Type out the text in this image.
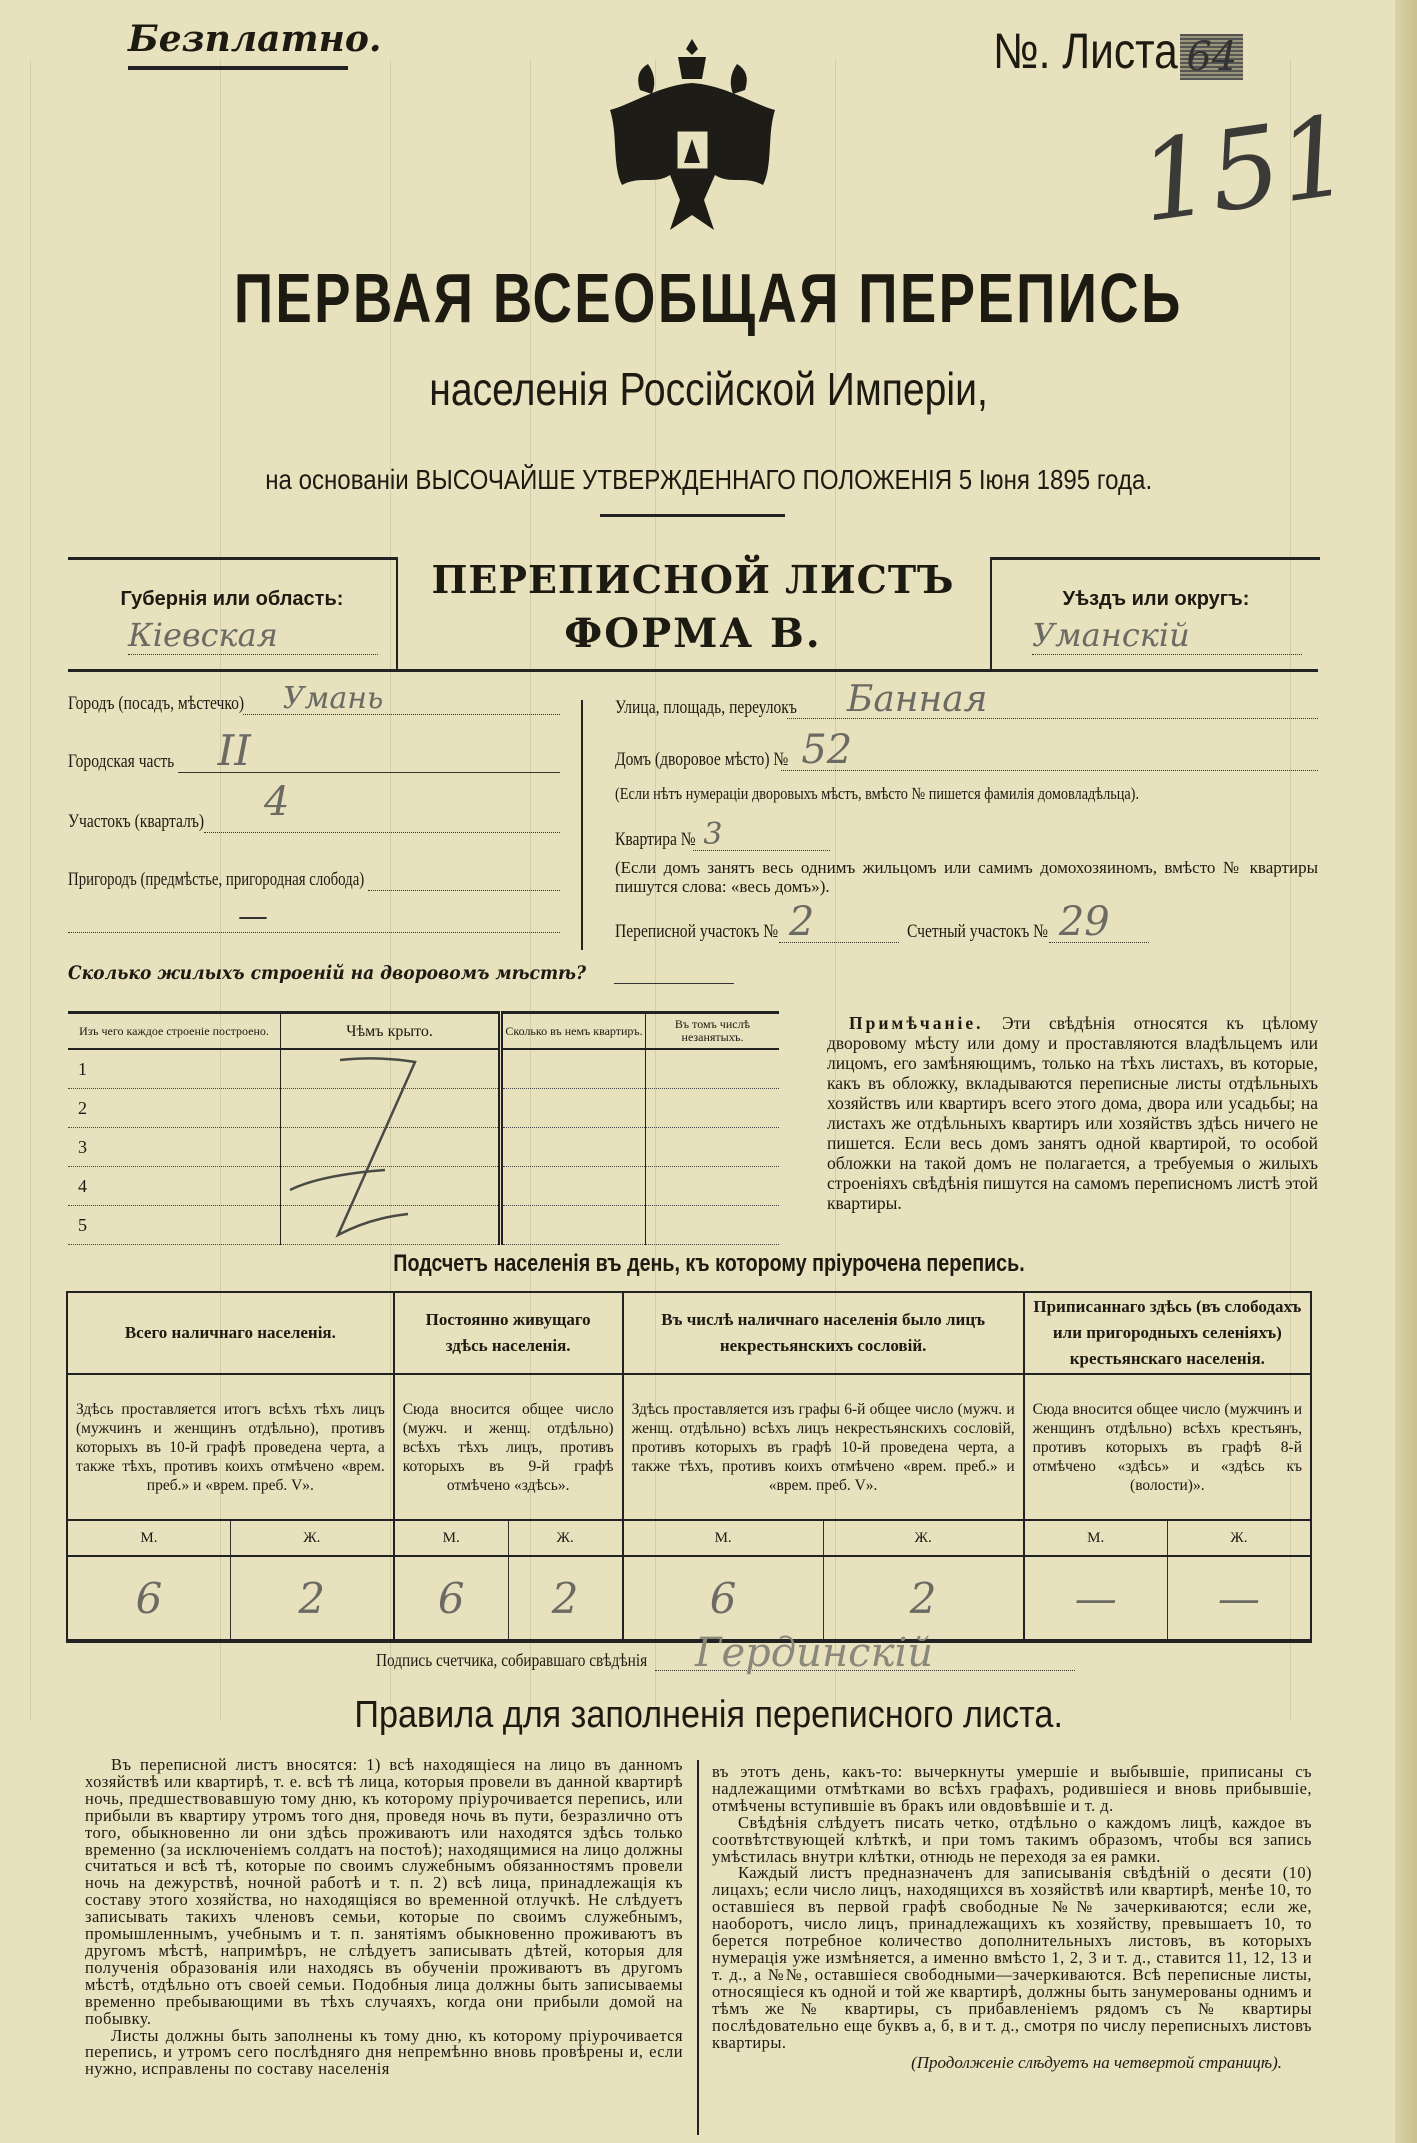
Безплатно.	№. Листа 64
151
ПЕРВАЯ ВСЕОБЩАЯ ПЕРЕПИСЬ
населенія Россійской Имперіи,
на основаніи ВЫСОЧАЙШЕ УТВЕРЖДЕННАГО ПОЛОЖЕНІЯ 5 Іюня 1895 года.
Губернія или область:
Кіевская
ПЕРЕПИСНОЙ ЛИСТЪ
ФОРМА В.
Уѣздъ или округъ:
Уманскій
Городъ (посадъ, мѣстечко) Умань
Городская часть II
Участокъ (кварталъ) 4
Пригородъ (предмѣстье, пригородная слобода)
—
Улица, площадь, переулокъ Банная
Домъ (дворовое мѣсто) № 52
(Если нѣтъ нумераціи дворовыхъ мѣстъ, вмѣсто № пишется фамилія домовладѣльца).
Квартира № 3
(Если домъ занятъ весь однимъ жильцомъ или самимъ домохозяиномъ, вмѣсто № квартиры пишутся слова: «весь домъ»).
Переписной участокъ № 2	Счетный участокъ № 29
Сколько жилыхъ строеній на дворовомъ мѣстѣ?
Изъ чего каждое строеніе построено.	Чѣмъ крыто.	Сколько въ немъ квартиръ.	Въ томъ числѣ незанятыхъ.
1			
2			
3			
4			
5			
Примѣчаніе. Эти свѣдѣнія относятся къ цѣлому дворовому мѣсту или дому и проставляются владѣльцемъ или лицомъ, его замѣняющимъ, только на тѣхъ листахъ, въ которые, какъ въ обложку, вкладываются переписные листы отдѣльныхъ хозяйствъ или квартиръ всего этого дома, двора или усадьбы; на листахъ же отдѣльныхъ квартиръ или хозяйствъ здѣсь ничего не пишется. Если весь домъ занятъ одной квартирой, то особой обложки на такой домъ не полагается, а требуемыя о жилыхъ строеніяхъ свѣдѣнія пишутся на самомъ переписномъ листѣ этой квартиры.
Подсчетъ населенія въ день, къ которому пріурочена перепись.
Всего наличнаго населенія.		Постоянно живущаго здѣсь населенія.		Въ числѣ наличнаго населенія было лицъ некрестьянскихъ сословій.		Приписаннаго здѣсь (въ слободахъ или пригородныхъ селеніяхъ) крестьянскаго населенія.	
Здѣсь проставляется итогъ всѣхъ тѣхъ лицъ (мужчинъ и женщинъ отдѣльно), противъ которыхъ въ 10-й графѣ проведена черта, а также тѣхъ, противъ коихъ отмѣчено «врем. преб.» и «врем. преб. V».		Сюда вносится общее число (мужч. и женщ. отдѣльно) всѣхъ тѣхъ лицъ, противъ которыхъ въ 9-й графѣ отмѣчено «здѣсь».		Здѣсь проставляется изъ графы 6-й общее число (мужч. и женщ. отдѣльно) всѣхъ лицъ некрестьянскихъ сословій, противъ которыхъ въ графѣ 10-й проведена черта, а также тѣхъ, противъ коихъ отмѣчено «врем. преб.» и «врем. преб. V».		Сюда вносится общее число (мужчинъ и женщинъ отдѣльно) всѣхъ крестьянъ, противъ которыхъ въ графѣ 8-й отмѣчено «здѣсь» и «здѣсь къ (волости)».	
М.	Ж.	М.	Ж.	М.	Ж.	М.	Ж.
6	2	6	2	6	2	—	—
Подпись счетчика, собиравшаго свѣдѣнія Гердинскій
Правила для заполненія переписного листа.

Въ переписной листъ вносятся: 1) всѣ находящіеся на лицо въ данномъ хозяйствѣ или квартирѣ, т. е. всѣ тѣ лица, которыя провели въ данной квартирѣ ночь, предшествовавшую тому дню, къ которому пріурочивается перепись, или прибыли въ квартиру утромъ того дня, проведя ночь въ пути, безразлично отъ того, обыкновенно ли они здѣсь проживаютъ или находятся здѣсь только временно (за исключеніемъ солдатъ на постоѣ); находящимися на лицо должны считаться и всѣ тѣ, которые по своимъ служебнымъ обязанностямъ провели ночь на дежурствѣ, ночной работѣ и т. п. 2) всѣ лица, принадлежащія къ составу этого хозяйства, но находящіяся во временной отлучкѣ. Не слѣдуетъ записывать такихъ членовъ семьи, которые по своимъ служебнымъ, промышленнымъ, учебнымъ и т. п. занятіямъ обыкновенно проживаютъ въ другомъ мѣстѣ, напримѣръ, не слѣдуетъ записывать дѣтей, которыя для полученія образованія или находясь въ обученіи проживаютъ въ другомъ мѣстѣ, отдѣльно отъ своей семьи. Подобныя лица должны быть записываемы временно пребывающими въ тѣхъ случаяхъ, когда они прибыли домой на побывку.

Листы должны быть заполнены къ тому дню, къ которому пріурочивается перепись, и утромъ сего послѣдняго дня непремѣнно вновь провѣрены и, если нужно, исправлены по составу населенія

въ этотъ день, какъ-то: вычеркнуты умершіе и выбывшіе, приписаны съ надлежащими отмѣтками во всѣхъ графахъ, родившіеся и вновь прибывшіе, отмѣчены вступившіе въ бракъ или овдовѣвшіе и т. д.

Свѣдѣнія слѣдуетъ писать четко, отдѣльно о каждомъ лицѣ, каждое въ соотвѣтствующей клѣткѣ, и при томъ такимъ образомъ, чтобы вся запись умѣстилась внутри клѣтки, отнюдь не переходя за ея рамки.

Каждый листъ предназначенъ для записыванія свѣдѣній о десяти (10) лицахъ; если число лицъ, находящихся въ хозяйствѣ или квартирѣ, менѣе 10, то оставшіеся въ первой графѣ свободные №№ зачеркиваются; если же, наоборотъ, число лицъ, принадлежащихъ къ хозяйству, превышаетъ 10, то берется потребное количество дополнительныхъ листовъ, въ которыхъ нумерація уже измѣняется, а именно вмѣсто 1, 2, 3 и т. д., ставится 11, 12, 13 и т. д., а №№, оставшіеся свободными—зачеркиваются. Всѣ переписные листы, относящіеся къ одной и той же квартирѣ, должны быть занумерованы однимъ и тѣмъ же № квартиры, съ прибавленіемъ рядомъ съ № квартиры послѣдовательно еще буквъ а, б, в и т. д., смотря по числу переписныхъ листовъ квартиры.

(Продолженіе слѣдуетъ на четвертой страницѣ).
